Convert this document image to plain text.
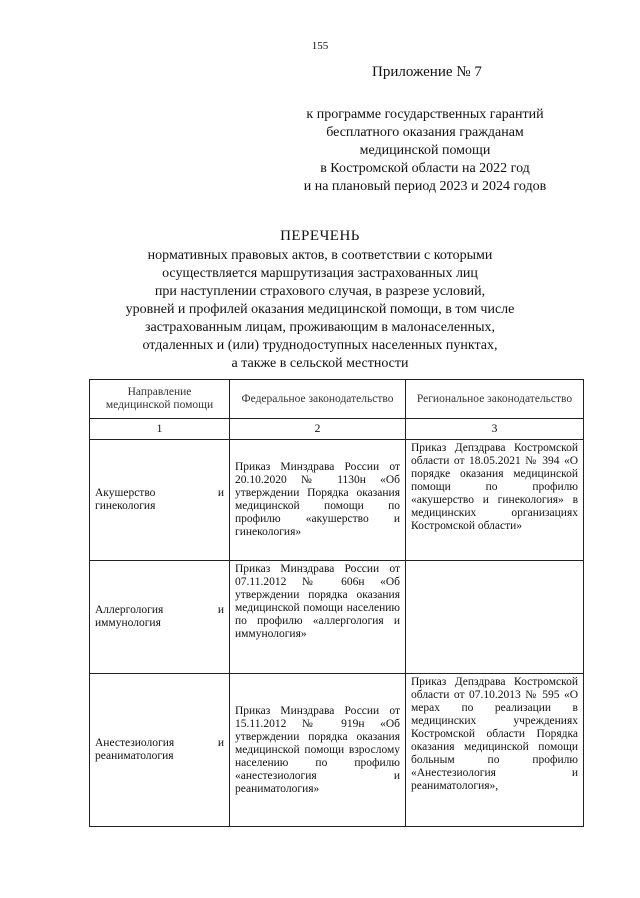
155
Приложение № 7
к программе государственных гарантий
бесплатного оказания гражданам
медицинской помощи
в Костромской области на 2022 год
и на плановый период 2023 и 2024 годов
ПЕРЕЧЕНЬ
нормативных правовых актов, в соответствии с которыми
осуществляется маршрутизация застрахованных лиц
при наступлении страхового случая, в разрезе условий,
уровней и профилей оказания медицинской помощи, в том числе
застрахованным лицам, проживающим в малонаселенных,
отдаленных и (или) труднодоступных населенных пунктах,
а также в сельской местности
Направление медицинской помощи	Федеральное законодательство	Региональное законодательство
1	2	3
Акушерство и гинекология	Приказ Минздрава России от 20.10.2020 № 1130н «Об утверждении Порядка оказания медицинской помощи по профилю «акушерство и гинекология»	Приказ Депздрава Костромской области от 18.05.2021 № 394 «О порядке оказания медицинской помощи по профилю «акушерство и гинекология» в медицинских организациях Костромской области»
Аллергология и иммунология	Приказ Минздрава России от 07.11.2012 № 606н «Об утверждении порядка оказания медицинской помощи населению по профилю «аллергология и иммунология»	
Анестезиология и реаниматология	Приказ Минздрава России от 15.11.2012 № 919н «Об утверждении порядка оказания медицинской помощи взрослому населению по профилю «анестезиология и реаниматология»	Приказ Депздрава Костромской области от 07.10.2013 № 595 «О мерах по реализации в медицинских учреждениях Костромской области Порядка оказания медицинской помощи больным по профилю «Анестезиология и реаниматология»,
